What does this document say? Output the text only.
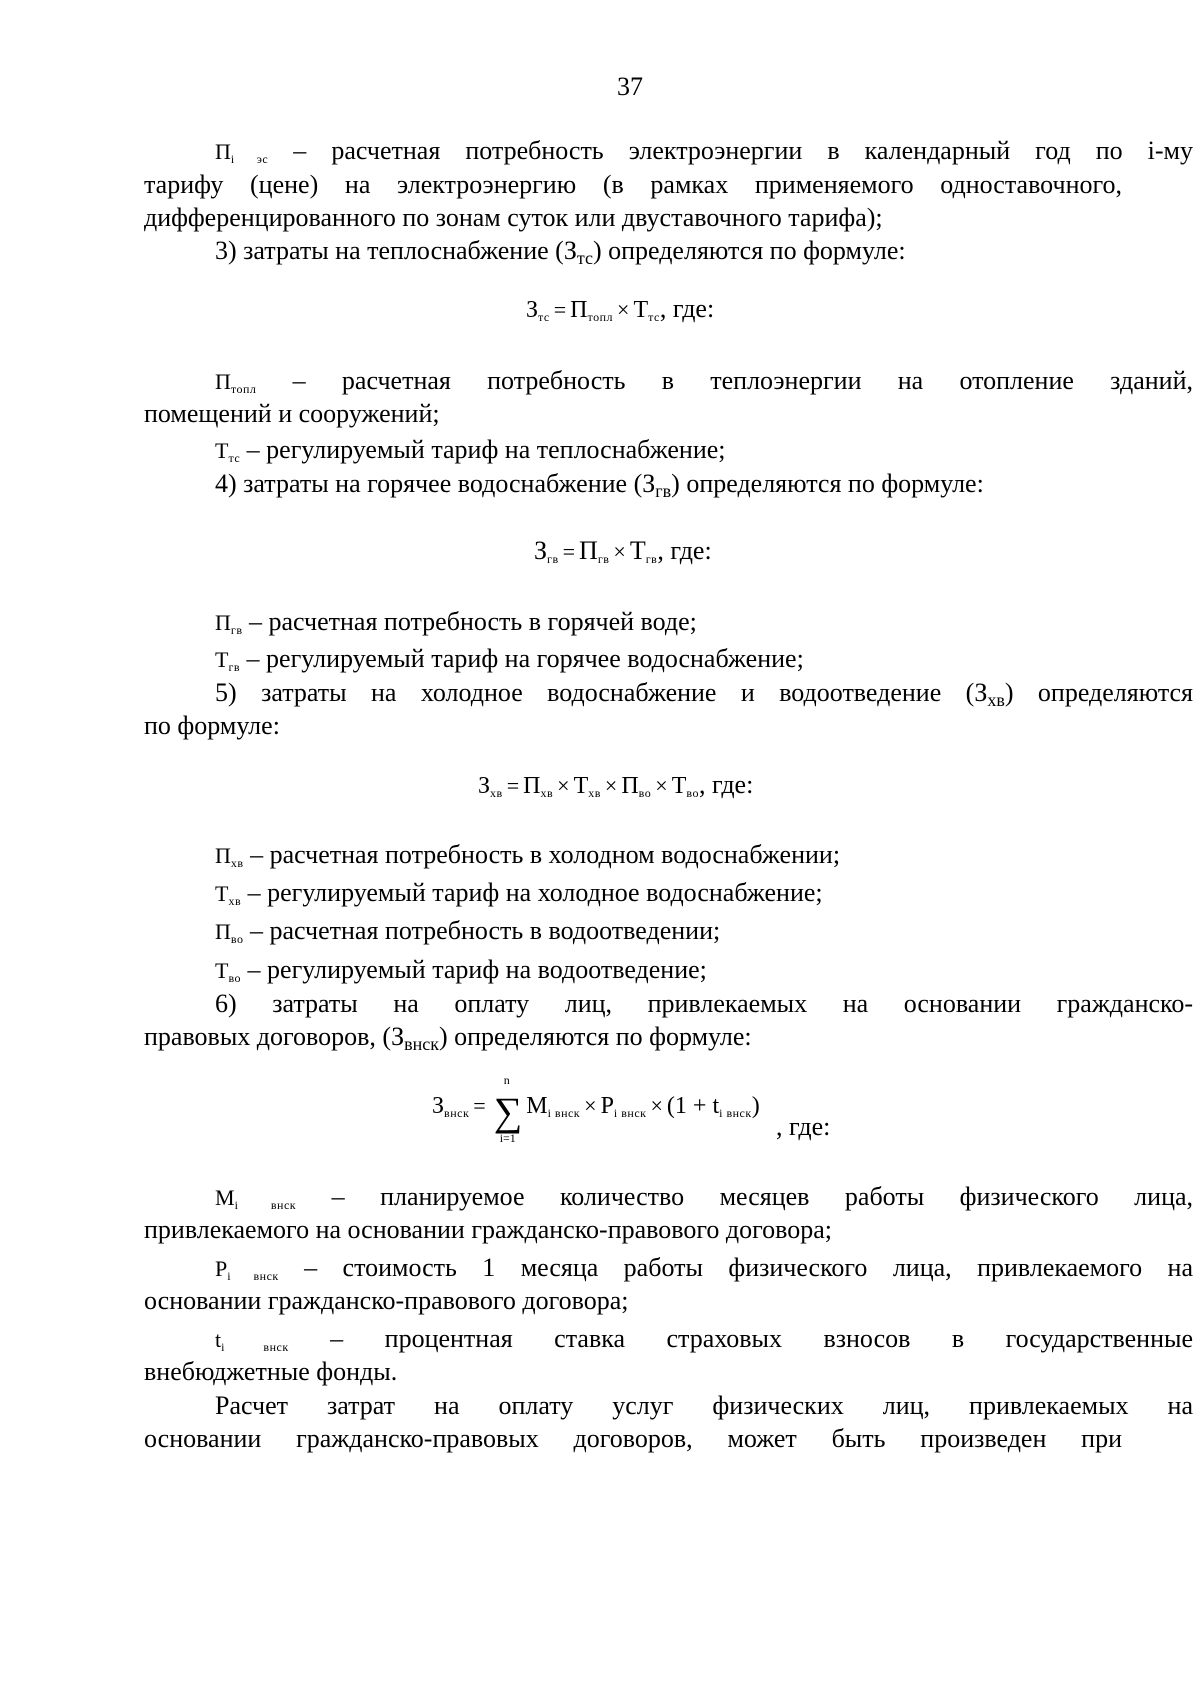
37
$П_{i эс}$ – расчетная потребность электроэнергии в календарный год по i-му
тарифу (цене) на электроэнергию (в рамках применяемого одноставочного,
дифференцированного по зонам суток или двуставочного тарифа);
3) затраты на теплоснабжение (Зтс) определяются по формуле:
$З_{тс} = П_{топл} \times Т_{тс}$, где:
$П_{топл}$ – расчетная потребность в теплоэнергии на отопление зданий,
помещений и сооружений;
$Т_{тс}$ – регулируемый тариф на теплоснабжение;
4) затраты на горячее водоснабжение (Згв) определяются по формуле:
$З_{гв} = П_{гв} \times Т_{гв}$, где:
$П_{гв}$ – расчетная потребность в горячей воде;
$Т_{гв}$ – регулируемый тариф на горячее водоснабжение;
5) затраты на холодное водоснабжение и водоотведение (Зхв) определяются
по формуле:
$З_{хв} = П_{хв} \times Т_{хв} \times П_{во} \times Т_{во}$, где:
$П_{хв}$ – расчетная потребность в холодном водоснабжении;
$Т_{хв}$ – регулируемый тариф на холодное водоснабжение;
$П_{во}$ – расчетная потребность в водоотведении;
$Т_{во}$ – регулируемый тариф на водоотведение;
6) затраты на оплату лиц, привлекаемых на основании гражданско-
правовых договоров, (Звнск) определяются по формуле:
$З_{внск}$ =
n
∑
i=1
$М_{i внск} \times Р_{i внск} \times (1 + t_{i внск})$
, где:
$М_{i внск}$ – планируемое количество месяцев работы физического лица,
привлекаемого на основании гражданско-правового договора;
$Р_{i внск}$ – стоимость 1 месяца работы физического лица, привлекаемого на
основании гражданско-правового договора;
$t_{i внск}$ – процентная ставка страховых взносов в государственные
внебюджетные фонды.
Расчет затрат на оплату услуг физических лиц, привлекаемых на
основании гражданско-правовых договоров, может быть произведен при
